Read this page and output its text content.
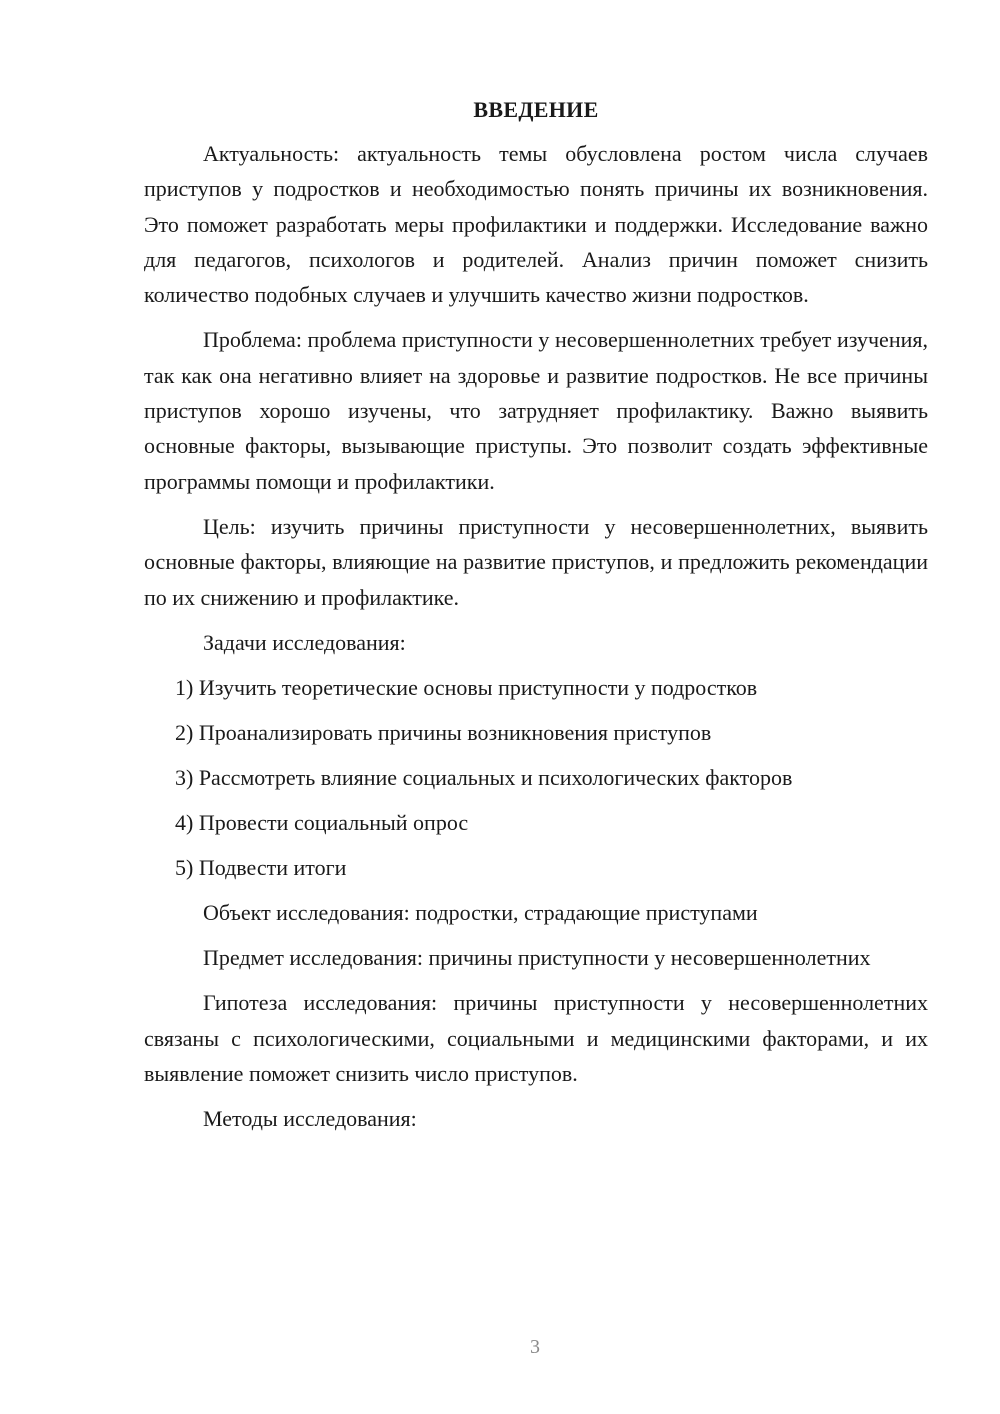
ВВЕДЕНИЕ

Актуальность: актуальность темы обусловлена ростом числа случаев приступов у подростков и необходимостью понять причины их возникновения. Это поможет разработать меры профилактики и поддержки. Исследование важно для педагогов, психологов и родителей. Анализ причин поможет снизить количество подобных случаев и улучшить качество жизни подростков.

Проблема: проблема приступности у несовершеннолетних требует изучения, так как она негативно влияет на здоровье и развитие подростков. Не все причины приступов хорошо изучены, что затрудняет профилактику. Важно выявить основные факторы, вызывающие приступы. Это позволит создать эффективные программы помощи и профилактики.

Цель: изучить причины приступности у несовершеннолетних, выявить основные факторы, влияющие на развитие приступов, и предложить рекомендации по их снижению и профилактике.

Задачи исследования:
1) Изучить теоретические основы приступности у подростков
2) Проанализировать причины возникновения приступов
3) Рассмотреть влияние социальных и психологических факторов
4) Провести социальный опрос
5) Подвести итоги

Объект исследования: подростки, страдающие приступами

Предмет исследования: причины приступности у несовершеннолетних

Гипотеза исследования: причины приступности у несовершеннолетних связаны с психологическими, социальными и медицинскими факторами, и их выявление поможет снизить число приступов.

Методы исследования:
3
